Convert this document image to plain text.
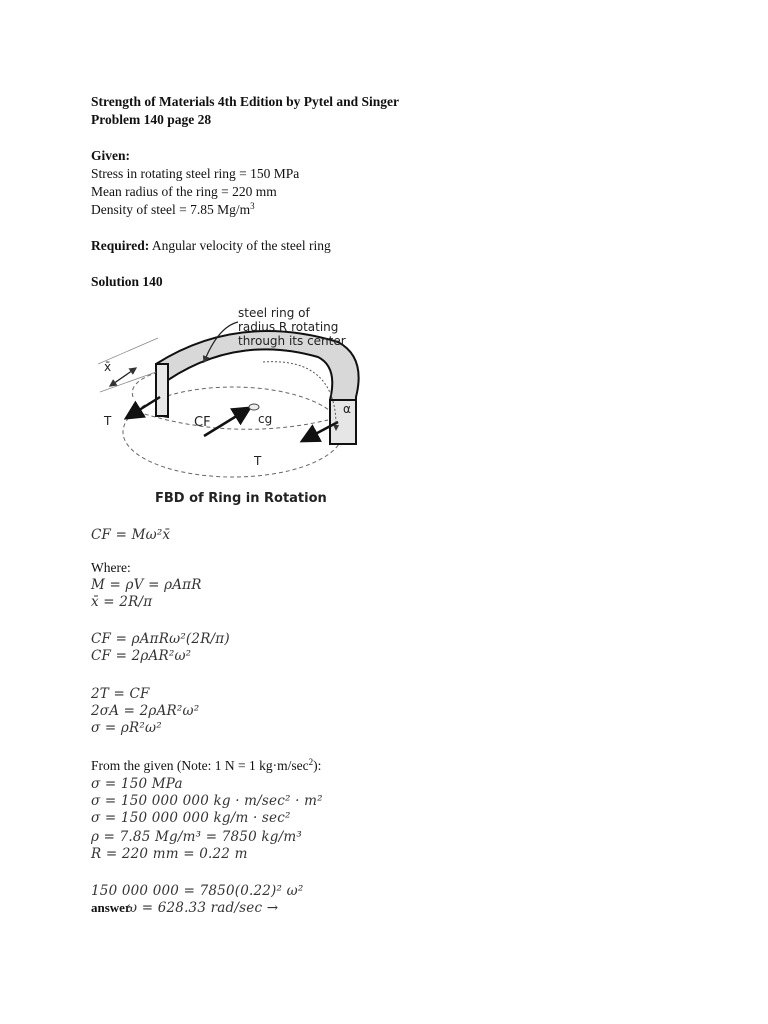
Strength of Materials 4th Edition by Pytel and Singer
Problem 140 page 28
Given:
Stress in rotating steel ring = 150 MPa
Mean radius of the ring = 220 mm
Density of steel = 7.85 $Mg/m^3$
Required: Angular velocity of the steel ring
Solution 140
steel ring of
radius R rotating
through its center
x̄
T	CF	cg
α
T
FBD of Ring in Rotation
CF = Mω²x̄
Where:
M = ρV = ρAπR
x̄ = 2R/π
CF = ρAπRω²(2R/π)
CF = 2ρAR²ω²
2T = CF
2σA = 2ρAR²ω²
σ = ρR²ω²
From the given (Note: 1 N = 1 $kg\cdot m/\sec^2$):
σ = 150 MPa
σ = 150 000 000 kg · m/sec² · m²
σ = 150 000 000 kg/m · sec²
ρ = 7.85 Mg/m³ = 7850 kg/m³
R = 220 mm = 0.22 m
150 000 000 = 7850(0.22)² ω²
answer
ω = 628.33 rad/sec →
